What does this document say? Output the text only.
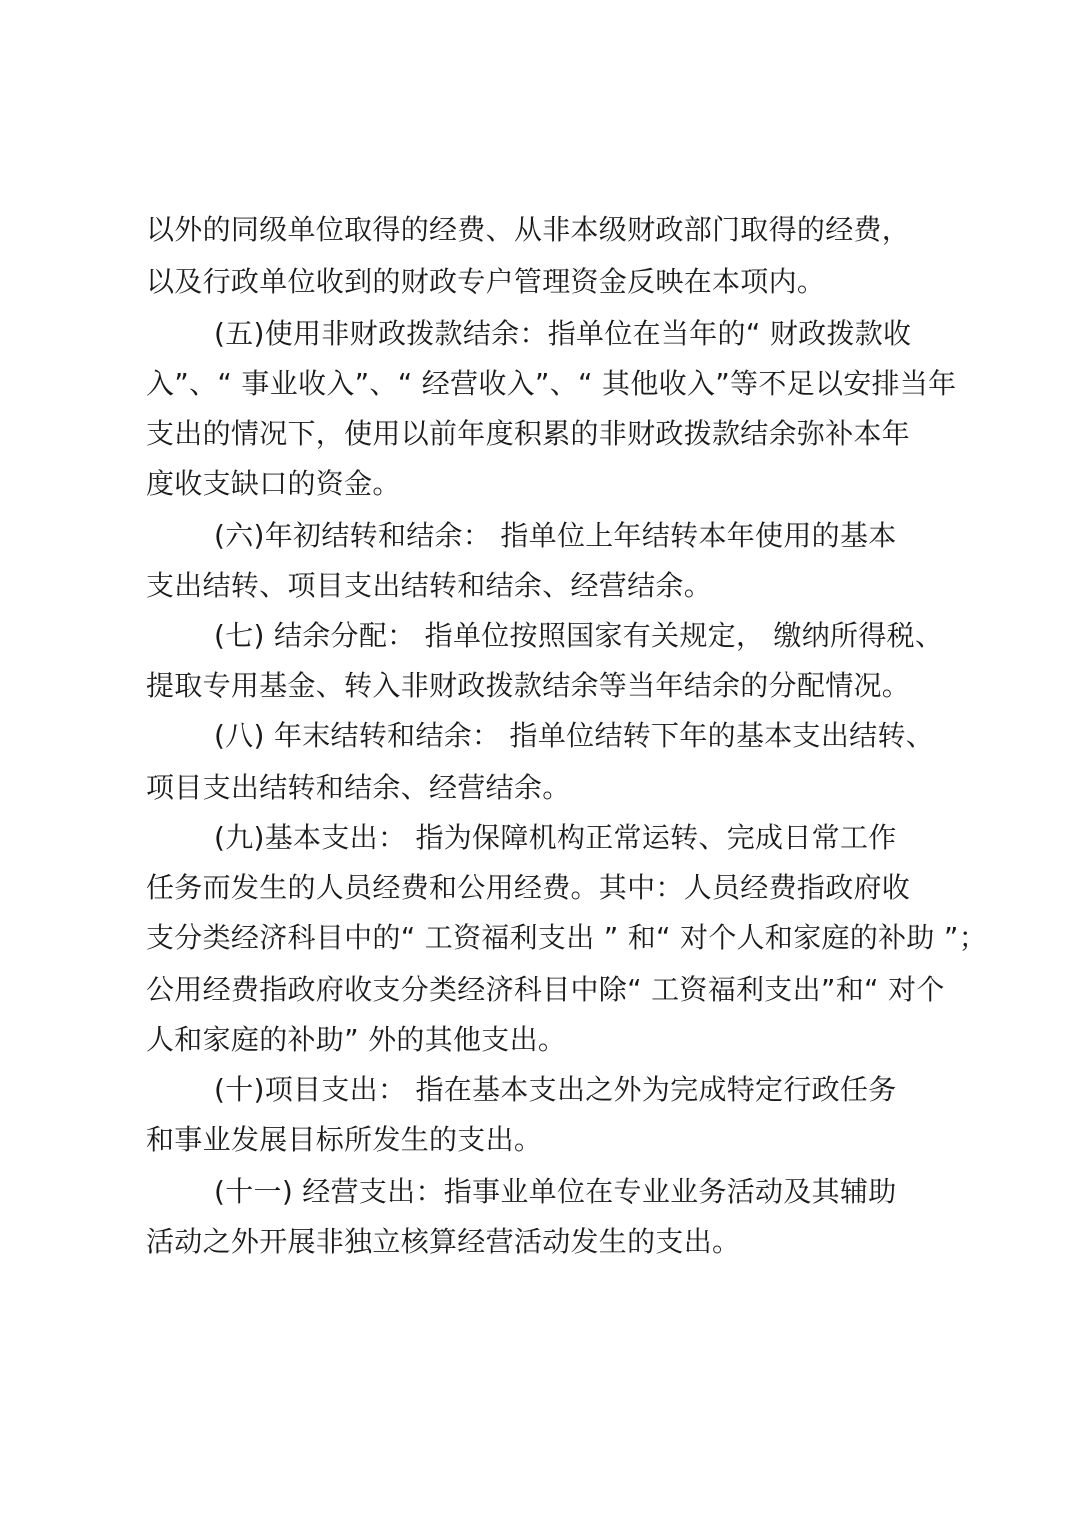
以外的同级单位取得的经费、从非本级财政部门取得的经费，
以及行政单位收到的财政专户管理资金反映在本项内。
(五)使用非财政拨款结余：指单位在当年的“ 财政拨款收
入”、“ 事业收入”、“ 经营收入”、“ 其他收入”等不足以安排当年
支出的情况下，使用以前年度积累的非财政拨款结余弥补本年
度收支缺口的资金。
(六)年初结转和结余： 指单位上年结转本年使用的基本
支出结转、项目支出结转和结余、经营结余。
(七) 结余分配： 指单位按照国家有关规定， 缴纳所得税、
提取专用基金、转入非财政拨款结余等当年结余的分配情况。
(八) 年末结转和结余： 指单位结转下年的基本支出结转、
项目支出结转和结余、经营结余。
(九)基本支出： 指为保障机构正常运转、完成日常工作
任务而发生的人员经费和公用经费。其中：人员经费指政府收
支分类经济科目中的“ 工资福利支出 ” 和“ 对个人和家庭的补助 ”；
公用经费指政府收支分类经济科目中除“ 工资福利支出”和“ 对个
人和家庭的补助” 外的其他支出。
(十)项目支出： 指在基本支出之外为完成特定行政任务
和事业发展目标所发生的支出。
(十一) 经营支出：指事业单位在专业业务活动及其辅助
活动之外开展非独立核算经营活动发生的支出。
